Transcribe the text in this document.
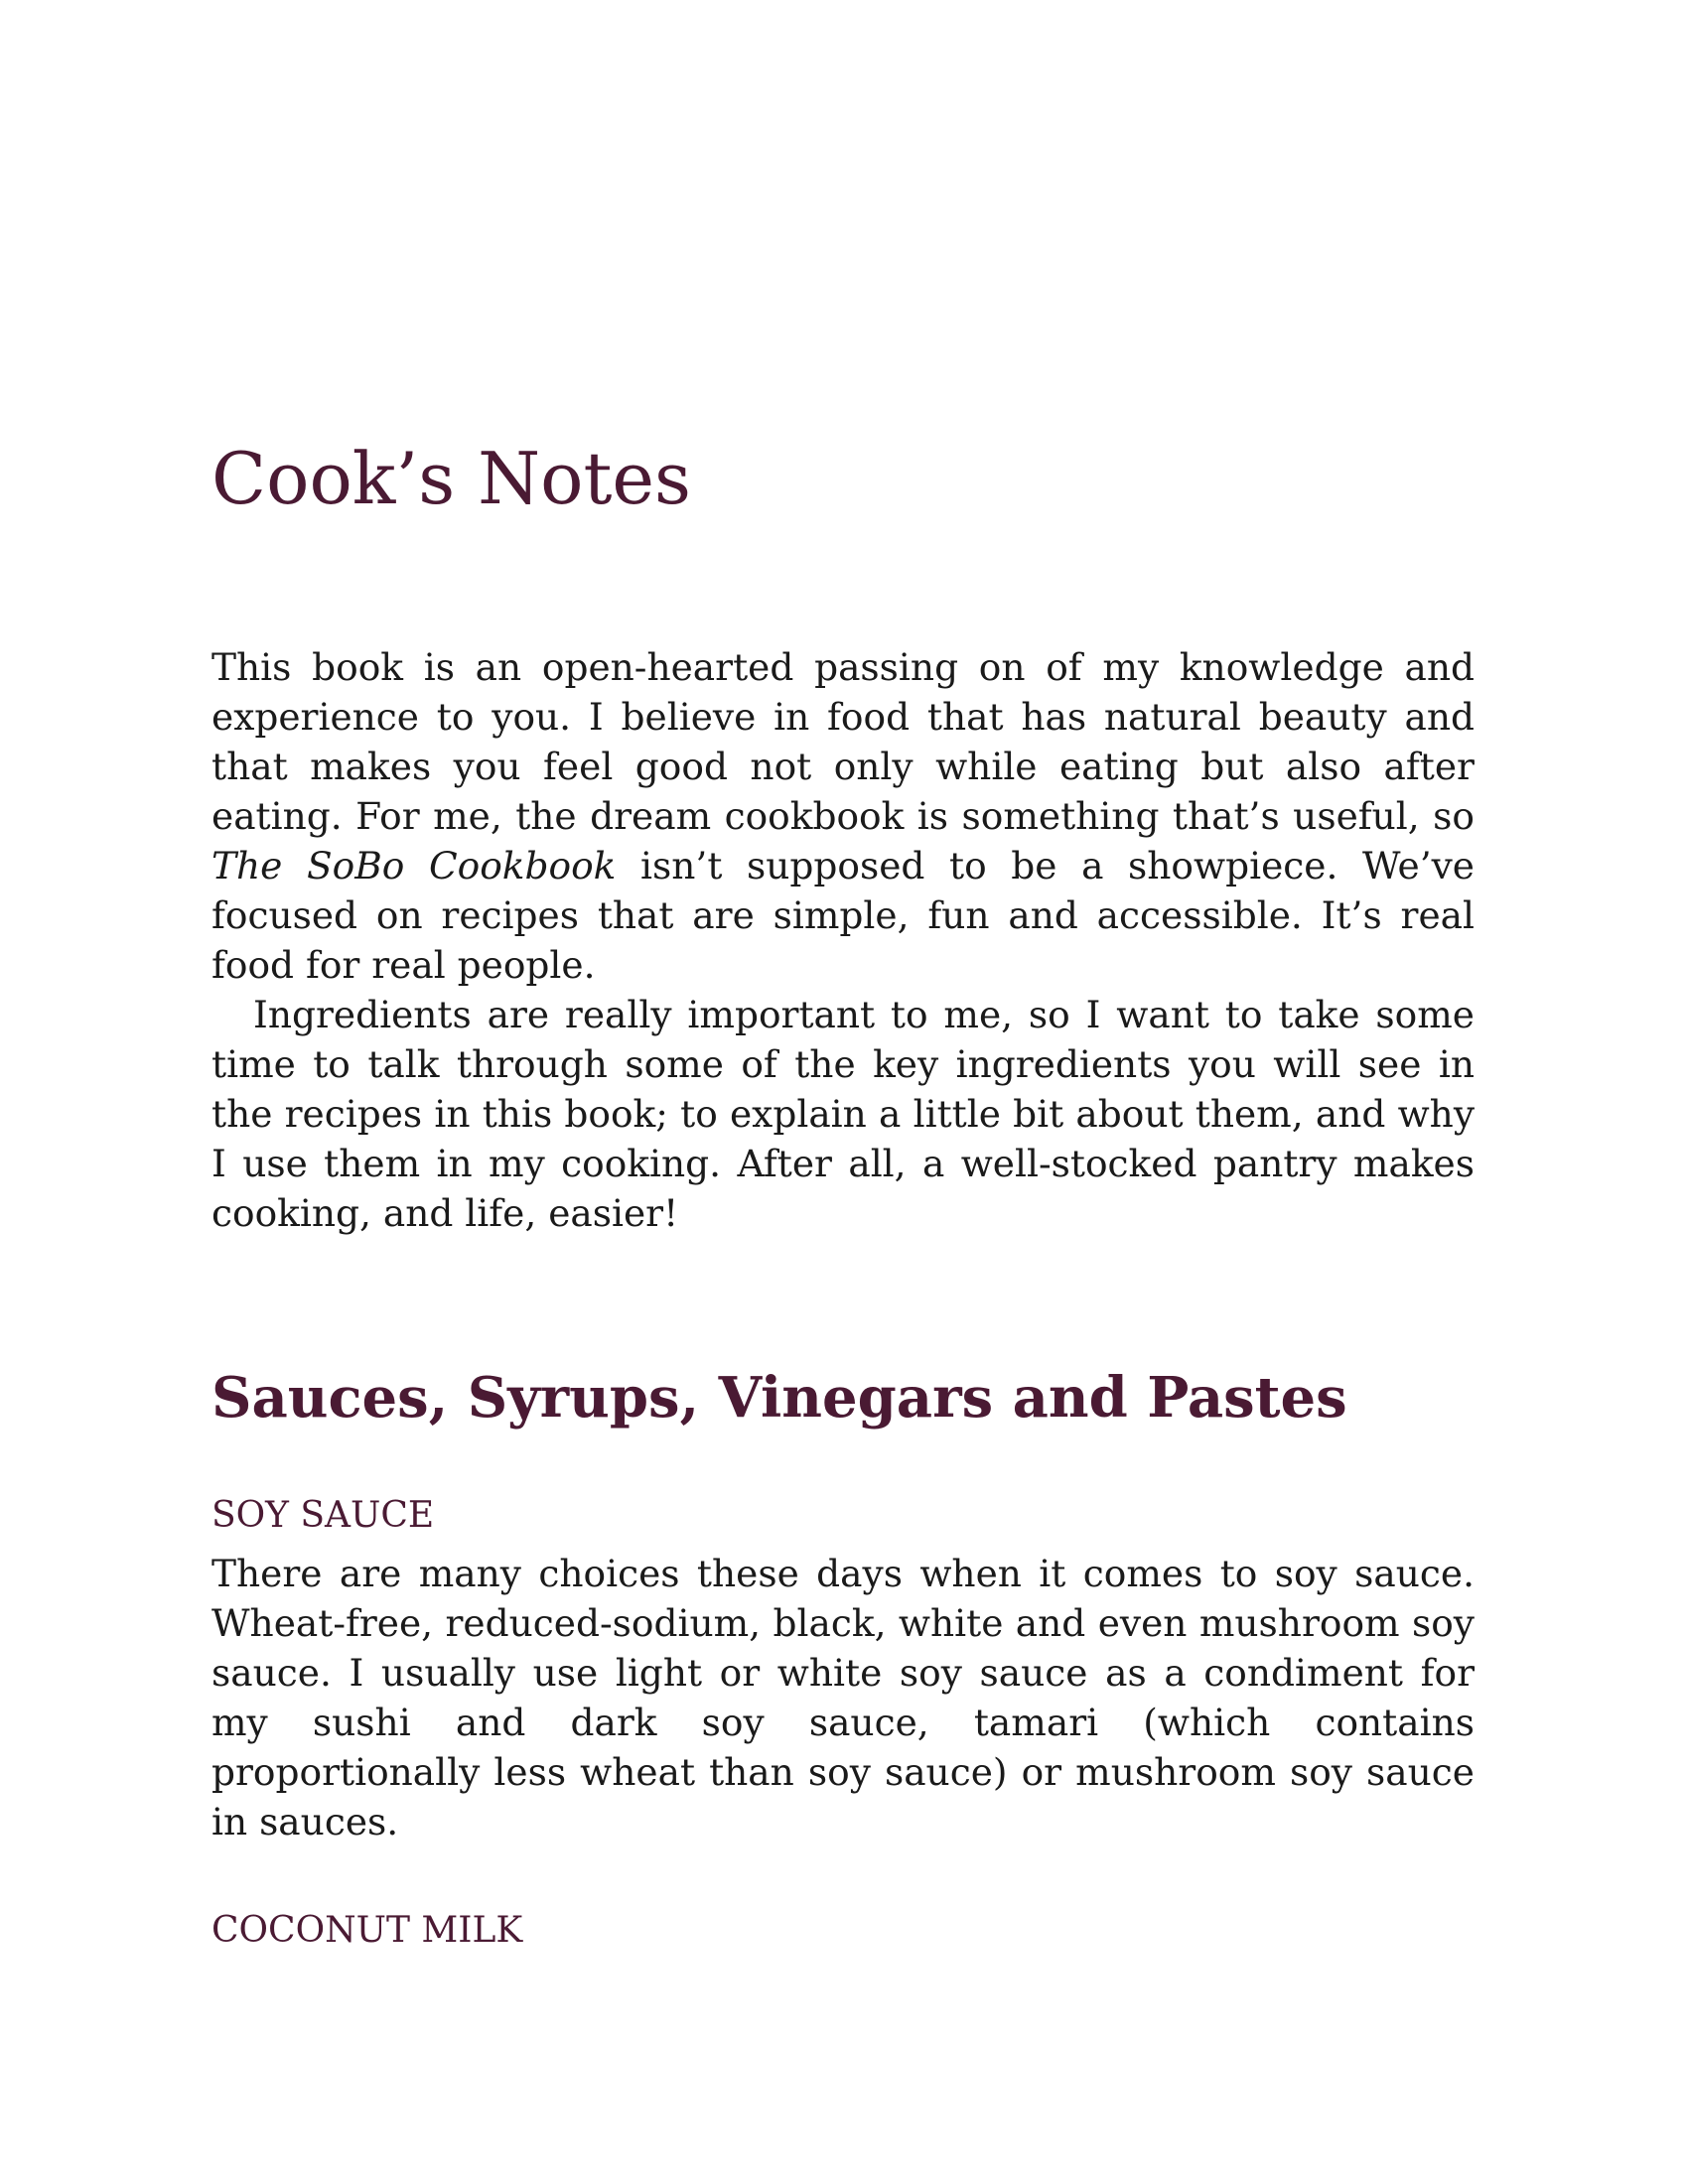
Cook’s Notes

This book is an open-hearted passing on of my knowledge and experience to you. I believe in food that has natural beauty and that makes you feel good not only while eating but also after eating. For me, the dream cookbook is something that’s useful, so The SoBo Cookbook isn’t supposed to be a showpiece. We’ve focused on recipes that are simple, fun and accessible. It’s real food for real people.

Ingredients are really important to me, so I want to take some time to talk through some of the key ingredients you will see in the recipes in this book; to explain a little bit about them, and why I use them in my cooking. After all, a well-stocked pantry makes cooking, and life, easier!

Sauces, Syrups, Vinegars and Pastes
SOY SAUCE

There are many choices these days when it comes to soy sauce. Wheat-free, reduced-sodium, black, white and even mushroom soy sauce. I usually use light or white soy sauce as a condiment for my sushi and dark soy sauce, tamari (which contains proportionally less wheat than soy sauce) or mushroom soy sauce in sauces.

COCONUT MILK
